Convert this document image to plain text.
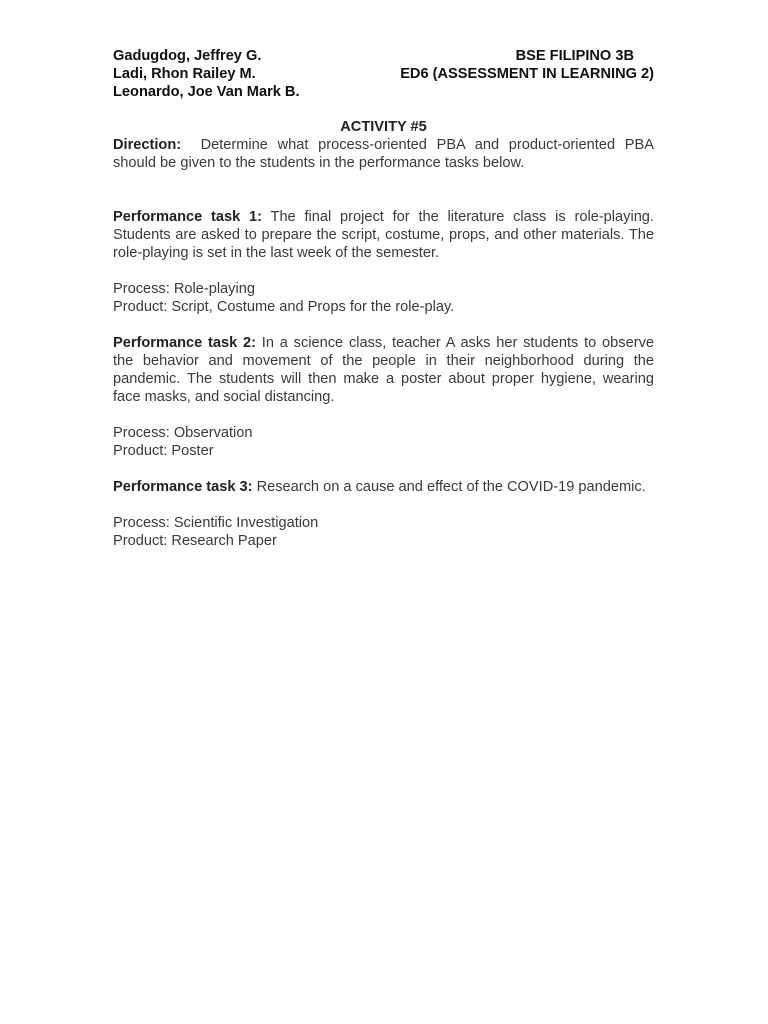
Gadugdog, Jeffrey G.
Ladi, Rhon Railey M.
Leonardo, Joe Van Mark B.
BSE FILIPINO 3B
ED6 (ASSESSMENT IN LEARNING 2)
ACTIVITY #5

Direction: Determine what process-oriented PBA and product-oriented PBA should be given to the students in the performance tasks below.

Performance task 1: The final project for the literature class is role-playing. Students are asked to prepare the script, costume, props, and other materials. The role-playing is set in the last week of the semester.

Process: Role-playing
Product: Script, Costume and Props for the role-play.

Performance task 2: In a science class, teacher A asks her students to observe the behavior and movement of the people in their neighborhood during the pandemic. The students will then make a poster about proper hygiene, wearing face masks, and social distancing.

Process: Observation
Product: Poster

Performance task 3: Research on a cause and effect of the COVID-19 pandemic.

Process: Scientific Investigation
Product: Research Paper
